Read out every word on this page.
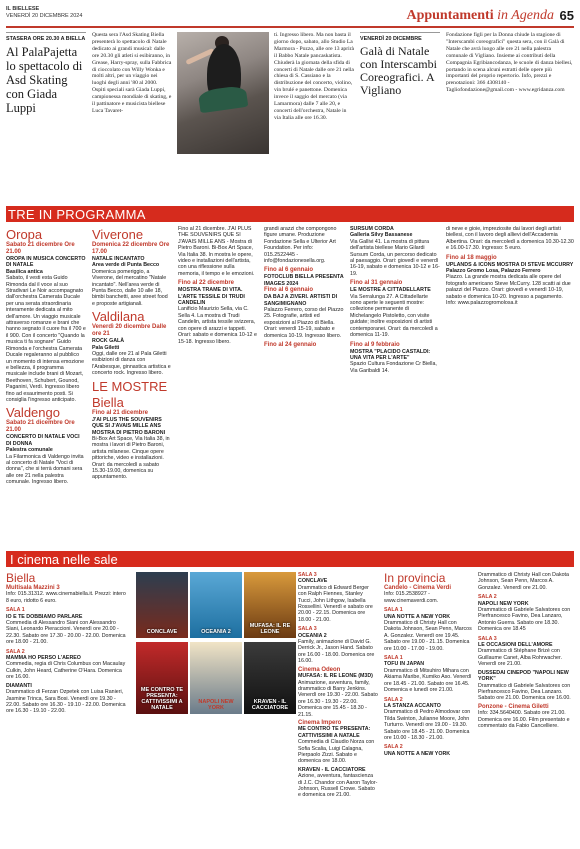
IL BIELLESE
VENERDÌ 20 DICEMBRE 2024	Appuntamenti in Agenda 65
STASERA ORE 20.30 A BIELLA
Al PalaPajetta lo spettacolo di Asd Skating con Giada Luppi
Questa sera l'Asd Skating Biella presenterà lo spettacolo di Natale dedicato ai grandi musical: dalle ore 20.30 gli atleti si esibiranno, in Grease, Harry-spray, sulla Fabbrica di cioccolato con Willy Wonka e molti altri, per un viaggio nei luoghi degli anni '80 al 2000. Ospiti speciali sarà Giada Luppi, campionessa mondiale di skating, e il pattinatore e musicista biellese Luca Tavaret-
ti. Ingresso libero. Ma non basta il giorno dopo, sabato, allo Studio La Marmora - Pozzo, alle ore 13 aprirà il Babbo Natale pancaskatista. Chiuderà la giornata della sfida di concerti di Natale dalle ore 21 nella chiesa di S. Cassiano e la distribuzione del concerto, violino, vin brulé e panettone. Domenica invece il saggio del mercato (via Lamarmora) dalle 7 alle 20, e concerti dell'orchestra, Natale in via Italia alle ore 16.30.
VENERDÌ 20 DICEMBRE
Galà di Natale con Interscambi Coreografici. A Vigliano
Fondazione figli per la Donna chiude la stagione di "Interscambi coreografici" questa sera, con il Galà di Natale che avrà luogo alle ore 21 nella palestra comunale di Vigliano. Insieme ai contributi della Compagnia Egribiancodanza, le scuole di danza biellesi, portando in scena alcuni estratti delle opere più importanti del proprio repertorio. Info, prezzi e prenotazioni: 366 4308140 - Tagliofondazione@gmail.com - www.egridanza.com
TRE IN PROGRAMMA
Oropa
Sabato 21 dicembre Ore 21.00
OROPA IN MUSICA CONCERTO DI NATALE
Basilica antica

Sabato, il vesti esta Guido Rimonda dal il voce al suo Stradivari Le Noir accompagnato dall'orchestra Camerata Ducale per una serata straordinaria interamente dedicata al mito dell'amore. Un viaggio musicale attraverso romanze e brani che hanno segnato il cuore fra il 700 e il 900. Con il concerto "Quando la musica ti fa sognare" Guido Rimonda e l'orchestra Camerata Ducale regaleranno al pubblico un momento di intensa emozione e bellezza, il programma musicale include brani di Mozart, Beethoven, Schubert, Gounod, Paganini, Verdi. Ingresso libero fino ad esaurimento posti. Si consiglia l'ingresso anticipato.

Valdengo
Sabato 21 dicembre Ore 21.00
CONCERTO DI NATALE VOCI DI DONNA
Palestra comunale

La Filarmonica di Valdengo invita al concerto di Natale "Voci di donna", che si terrà domani sera alle ore 21 nella palestra comunale. Ingresso libero.

Viverone
Domenica 22 dicembre Ore 17.00
NATALE INCANTATO
Area verde di Punta Becco

Domenica pomeriggio, a Viverone, del mercatino "Natale incantato". Nell'area verde di Punta Becco, dalle 10 alle 18, bimbi banchetti, aree street food e proposte artigianali.

Valdilana
Venerdì 20 dicembre Dalle ore 21
ROCK GALÀ
Pala Giletti

Oggi, dalle ore 21 al Pala Giletti esibizioni di danza con l'Arabesque, ginnastica artistica e concerto rock. Ingresso libero.

LE MOSTRE
Biella
Fino al 21 dicembre
J'AI PLUS THE SOUVENIRS QUE SI J'AVAIS MILLE ANS
MOSTRA DI PIETRO BARONI

Bi-Box Art Space, Via Italia 38, in mostra i lavori di Pietro Baroni, artista milanese. Cinque opere pittoriche, video e installazioni. Orari: da mercoledì a sabato 15.30-19.00, domenica su appuntamento.

Fino al 21 dicembre. J'AI PLUS THE SOUVENIRS QUE SI J'AVAIS MILLE ANS - Mostra di Pietro Baroni. Bi-Box Art Space, Via Italia 38. In mostra le opere, video e installazioni dell'artista, con una riflessione sulla memoria, il tempo e le emozioni.

Fino al 22 dicembre
MOSTRA TRAME DI VITA. L'ARTE TESSILE DI TRUDI CANDELIN

Lanificio Maurizio Sella, via C. Sella 4. La mostra di Trudi Candelin, artista tessile svizzera, con opere di arazzi e tappeti. Orari: sabato e domenica 10-12 e 15-18. Ingresso libero.

grandi arazzi che compongono figure umane. Produzione Fondazione Sella e Ulterior Art Foundation. Per info: 015.2522445 - info@fondazionesella.org.

Fino al 6 gennaio
FOTOCLUB BIELLA PRESENTA IMAGES 2024
Fino al 6 gennaio
DA BAJ A ZIVERI. ARTISTI DI SANGIMIGNANO

Palazzo Ferrero, corso del Piazzo 25. Fotografie, artisti ed esposizioni al Piazzo di Biella. Orari: venerdì 15-19, sabato e domenica 10-19. Ingresso libero.

Fino al 24 gennaio
SURSUM CORDA
Galleria Silvy Bassanese

Via Gallivi 41. La mostra di pittura dell'artista biellese Mario Gilardi Sursum Corda, un percorso dedicato al paesaggio. Orari: giovedì e venerdì 16-19, sabato e domenica 10-12 e 16-19.

Fino al 31 gennaio
LE MOSTRE A CITTADELLARTE

Via Serralunga 27. A Cittadellarte sono aperte le seguenti mostre: collezione permanente di Michelangelo Pistoletto, con visite guidate; inoltre esposizioni di artisti contemporanei. Orari: da mercoledì a domenica 11-19.

Fino al 9 febbraio
MOSTRA "PLACIDO CASTALDI: UNA VITA PER L'ARTE"

Spazio Cultura Fondazione Cr Biella, Via Garibaldi 14.

di neve e gioie, impreziosite dai lavori degli artisti biellesi, con il lavoro degli allievi dell'Accademia Albertina. Orari: da mercoledì a domenica 10.30-12.30 e 16.00-17.30. Ingresso: 5 euro.

Fino al 18 maggio
UPLANDS & ICONS MOSTRA DI STEVE MCCURRY
Palazzo Gromo Losa, Palazzo Ferrero

Piazzo. La grande mostra dedicata alle opere del fotografo americano Steve McCurry. 128 scatti ai due palazzi del Piazzo. Orari: giovedì e venerdì 10-19, sabato e domenica 10-20. Ingresso a pagamento. Info: www.palazzogromolosa.it

I cinema nelle sale
Biella
Multisala Mazzini 3

Info: 015.31312. www.cinemabiella.it. Prezzi: intero 8 euro, ridotto 6 euro.

SALA 1
IO E TE DOBBIAMO PARLARE

Commedia di Alessandro Siani con Alessandro Siani, Leonardo Pieraccioni. Venerdì ore 20.00 - 22.30. Sabato ore 17.30 - 20.00 - 22.00. Domenica ore 18.00 - 21.00.

SALA 2
MAMMA HO PERSO L'AEREO

Commedia, regia di Chris Columbus con Macaulay Culkin, John Heard, Catherine O'Hara. Domenica ore 16.00.

DIAMANTI

Drammatico di Ferzan Ozpetek con Luisa Ranieri, Jasmine Trinca, Sara Bosi. Venerdì ore 19.30 - 22.00. Sabato ore 16.30 - 19.10 - 22.00. Domenica ore 16.30 - 19.10 - 22.00.

CONCLAVE	OCEANIA 2
MUFASA: IL RE LEONE
ME CONTRO TE PRESENTA: CATTIVISSIMI A NATALE
NAPOLI NEW YORK
KRAVEN - IL CACCIATORE
SALA 3
CONCLAVE

Drammatico di Edward Berger con Ralph Fiennes, Stanley Tucci, John Lithgow, Isabella Rossellini. Venerdì e sabato ore 20.00 - 22.15. Domenica ore 18.00 - 21.00.

SALA 3
OCEANIA 2

Family, animazione di David G. Derrick Jr., Jason Hand. Sabato ore 16.00 - 18.00. Domenica ore 16.00.

Cinema Odeon
MUFASA: IL RE LEONE (M3D)

Animazione, avventura, family, drammatico di Barry Jenkins. Venerdì ore 19.30 - 22.00. Sabato ore 16.30 - 19.30 - 22.00. Domenica ore 15.45 - 18.30 - 21.15.

Cinema Impero
ME CONTRO TE PRESENTA: CATTIVISSIMI A NATALE

Commedia di Claudio Norza con Sofia Scalia, Luigi Calagna, Pierpaolo Zizzi. Sabato e domenica ore 18.00.

KRAVEN - IL CACCIATORE

Azione, avventura, fantascienza di J.C. Chandor con Aaron Taylor-Johnson, Russell Crowe. Sabato e domenica ore 21.00.

In provincia
Candelo - Cinema Verdi

Info: 015.2538927 - www.cinemaverdi.com.

SALA 1
UNA NOTTE A NEW YORK

Drammatico di Christy Hall con Dakota Johnson, Sean Penn, Marcos A. Gonzalez. Venerdì ore 19.45. Sabato ore 19.00 - 21.15. Domenica ore 10.00 - 17.00 - 19.00.

SALA 1
TOFU IN JAPAN

Drammatico di Mitsuhiro Mihara con Akiama Maribe, Kumiko Aso. Venerdì ore 18.45 - 21.00. Sabato ore 16.45. Domenica e lunedì ore 21.00.

SALA 2
LA STANZA ACCANTO

Drammatico di Pedro Almodovar con Tilda Swinton, Julianne Moore, John Turturro. Venerdì ore 19.00 - 19.30. Sabato ore 18.45 - 21.00. Domenica ore 10.00 - 18.30 - 21.00.

SALA 2
UNA NOTTE A NEW YORK

Drammatico di Christy Hall con Dakota Johnson, Sean Penn, Marcos A. Gonzalez. Venerdì ore 21.00.

SALA 2
NAPOLI NEW YORK

Drammatico di Gabriele Salvatores con Pierfrancesco Favino, Dea Lanzaro, Antonio Guerra. Sabato ore 18.30. Domenica ore 18.45

SALA 3
LE OCCASIONI DELL'AMORE

Drammatico di Stéphane Brizé con Guillaume Canet, Alba Rohrwacher. Venerdì ore 21.00.

DUSSEDAI CINEPOD "NAPOLI NEW YORK"

Drammatico di Gabriele Salvatores con Pierfrancesco Favino, Dea Lanzaro. Sabato ore 21.00. Domenica ore 16.00.

Ponzone - Cinema Giletti

Info: 334.5640400. Sabato ore 21.00. Domenica ore 16.00. Film presentato e commentato da Fabio Cancelliere.
